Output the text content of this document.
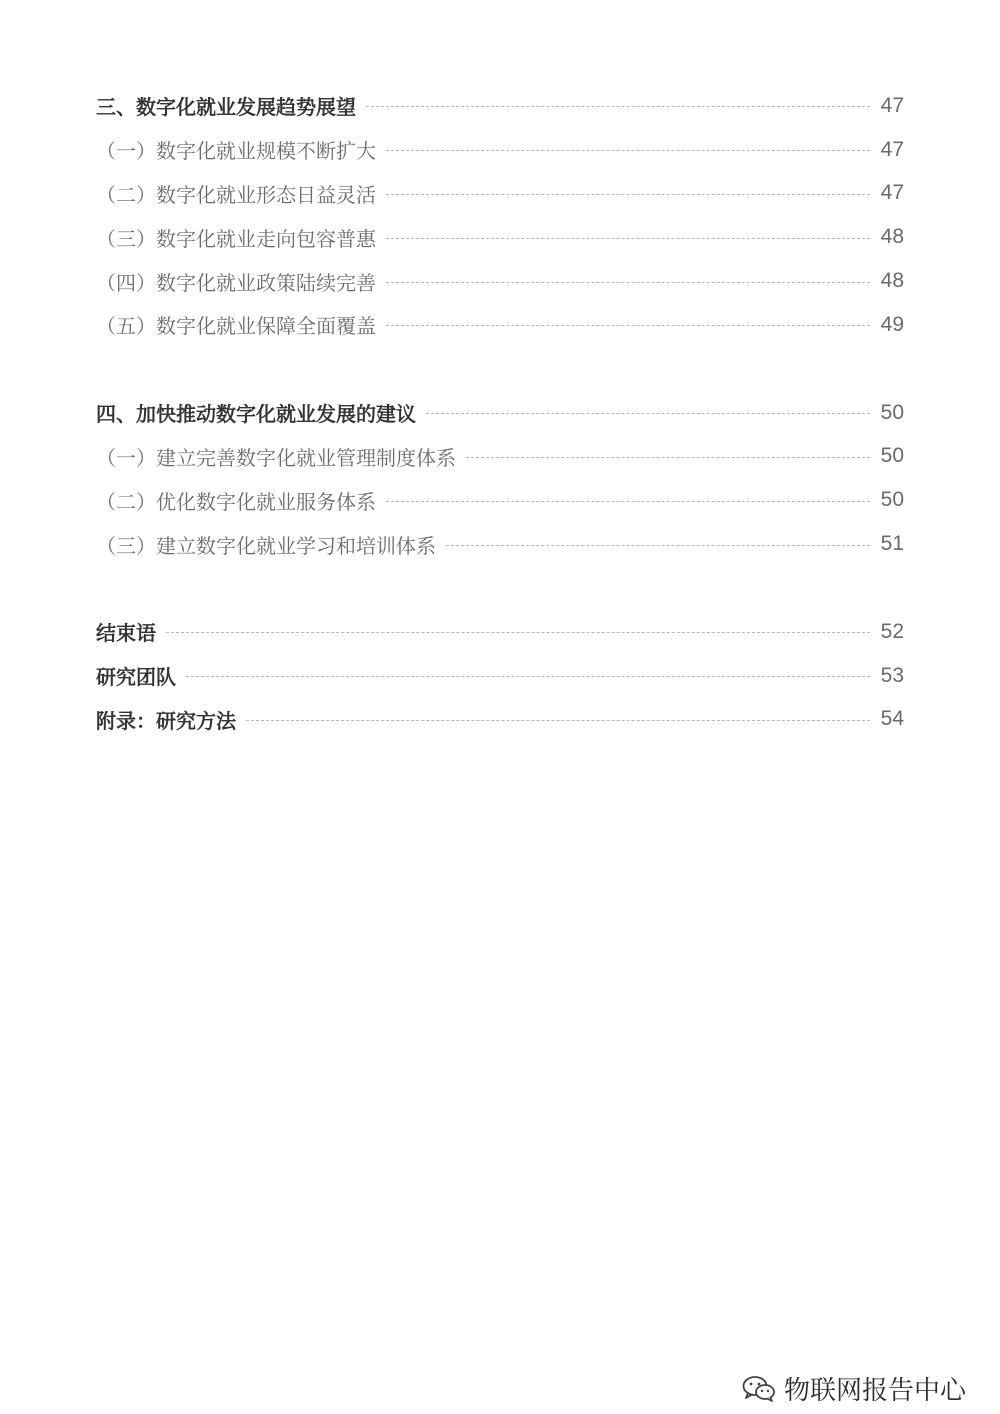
三、数字化就业发展趋势展望	47
（一）数字化就业规模不断扩大	47
（二）数字化就业形态日益灵活	47
（三）数字化就业走向包容普惠	48
（四）数字化就业政策陆续完善	48
（五）数字化就业保障全面覆盖	49
四、加快推动数字化就业发展的建议	50
（一）建立完善数字化就业管理制度体系	50
（二）优化数字化就业服务体系	50
（三）建立数字化就业学习和培训体系	51
结束语	52
研究团队	53
附录：研究方法	54
物联网报告中心
